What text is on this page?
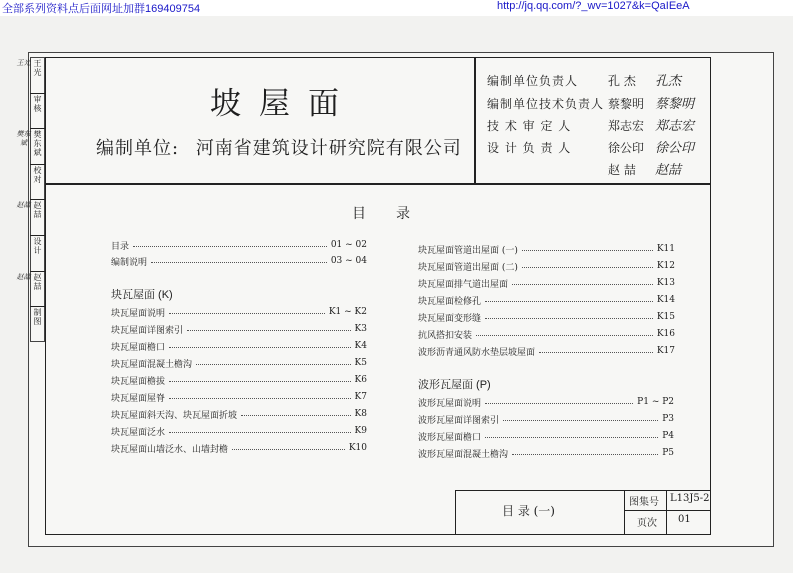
全部系列资料点后面网址加群169409754	http://jq.qq.com/?_wv=1027&k=QaIEeA
王
光
王光
审
核
樊
东
斌
樊东斌
校
对
赵
喆
赵喆
设
计
赵
喆
赵喆
制
图
坡屋面
编制单位: 河南省建筑设计研究院有限公司
编制单位负责人 孔 杰 孔杰
编制单位技术负责人 蔡黎明 蔡黎明
技 术 审 定 人	郑志宏 郑志宏
设 计 负 责 人	徐公印 徐公印
赵 喆 赵喆
目录
目录	01 ~ 02
编制说明	03 ~ 04
块瓦屋面 (K)
块瓦屋面说明	K1 ~ K2
块瓦屋面详图索引	K3
块瓦屋面檐口	K4
块瓦屋面混凝土檐沟	K5
块瓦屋面檐拔	K6
块瓦屋面屋脊	K7
块瓦屋面斜天沟、块瓦屋面折坡	K8
块瓦屋面泛水	K9
块瓦屋面山墙泛水、山墙封檐	K10
块瓦屋面管道出屋面 (一)	K11
块瓦屋面管道出屋面 (二)	K12
块瓦屋面排气道出屋面	K13
块瓦屋面检修孔	K14
块瓦屋面变形缝	K15
抗风搭扣安装	K16
波形沥青通风防水垫层坡屋面	K17
波形瓦屋面 (P)
波形瓦屋面说明	P1 ~ P2
波形瓦屋面详图索引	P3
波形瓦屋面檐口	P4
波形瓦屋面混凝土檐沟	P5
目 录 (一)
图集号 L13J5-2
页次 01
